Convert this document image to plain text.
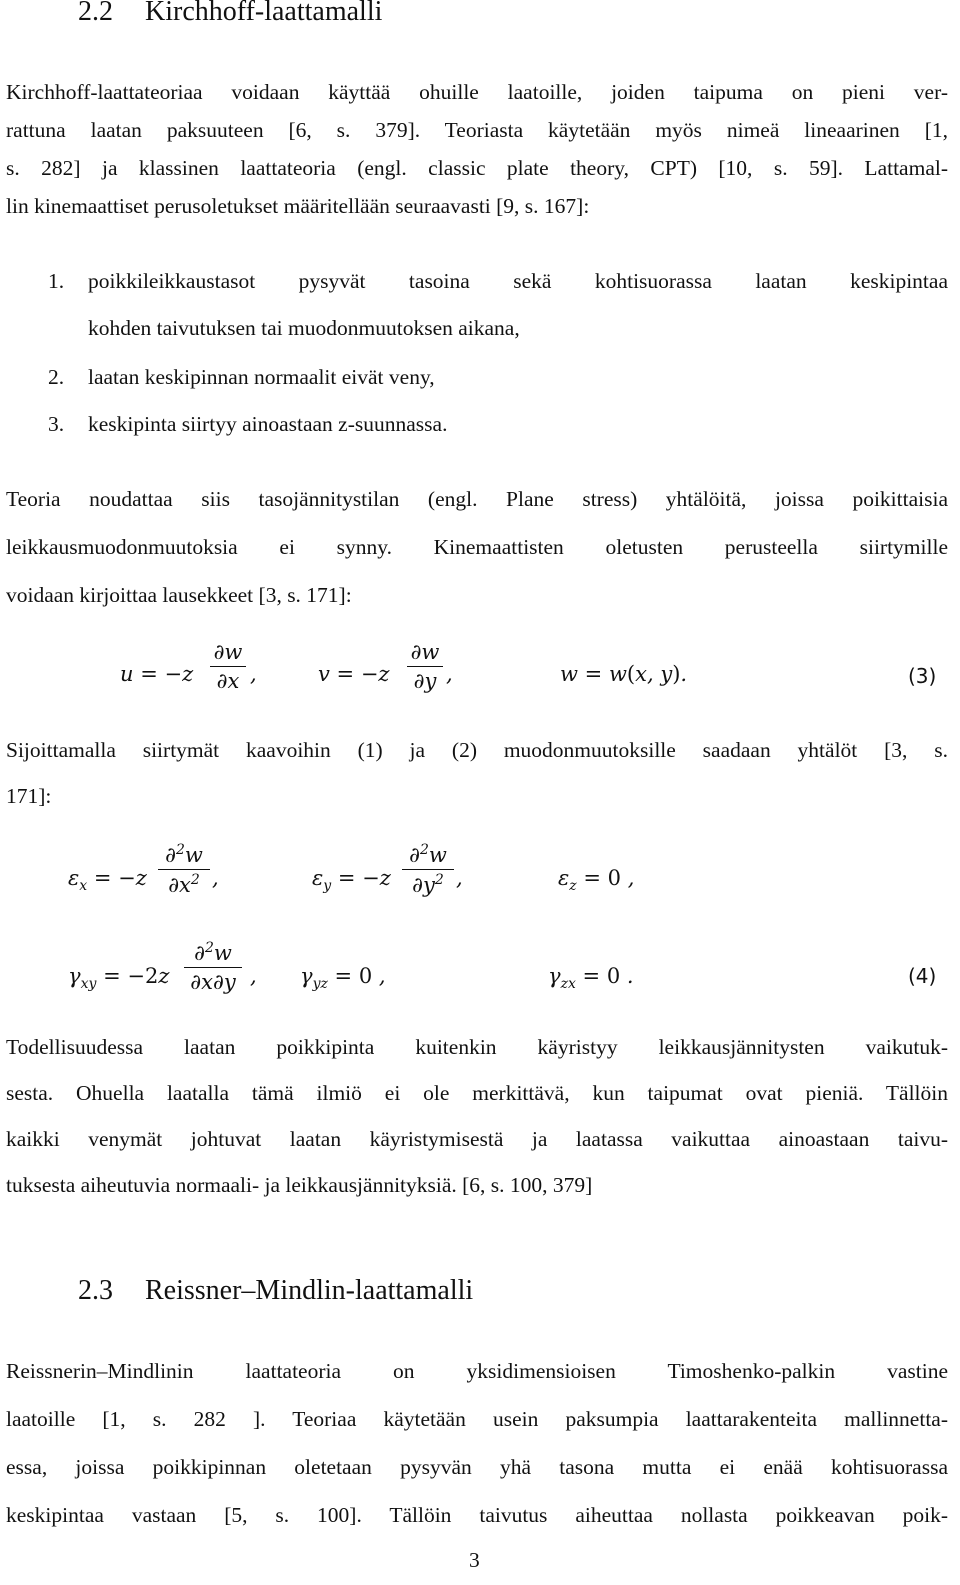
2.2 Kirchhoff-laattamalli
Kirchhoff-laattateoriaa voidaan käyttää ohuille laatoille, joiden taipuma on pieni ver-
rattuna laatan paksuuteen [6, s. 379]. Teoriasta käytetään myös nimeä lineaarinen [1,
s. 282] ja klassinen laattateoria (engl. classic plate theory, CPT) [10, s. 59]. Lattamal-
lin kinemaattiset perusoletukset määritellään seuraavasti [9, s. 167]:
1. poikkileikkaustasot pysyvät tasoina sekä kohtisuorassa laatan keskipintaa
kohden taivutuksen tai muodonmuutoksen aikana,
2. laatan keskipinnan normaalit eivät veny,
3. keskipinta siirtyy ainoastaan z-suunnassa.
Teoria noudattaa siis tasojännitystilan (engl. Plane stress) yhtälöitä, joissa poikittaisia
leikkausmuodonmuutoksia ei synny. Kinemaattisten oletusten perusteella siirtymille
voidaan kirjoittaa lausekkeet [3, s. 171]:
u = −z
∂w
∂x ,	v = −z
∂w
∂y ,	w = w(x, y).	(3)
Sijoittamalla siirtymät kaavoihin (1) ja (2) muodonmuutoksille saadaan yhtälöt [3, s.
171]:
$\varepsilon_x = -z$
∂$^2$w
$\partial x^2$ ,	$\varepsilon_y = -z$
∂$^2$w
$\partial y^2$ ,	$\varepsilon_z = 0$ ,
$\gamma_{xy} = -2z$
∂$^2$w
∂x∂y , $\gamma_{yz} = 0$ ,	$\gamma_{zx} = 0$ .	(4)
Todellisuudessa laatan poikkipinta kuitenkin käyristyy leikkausjännitysten vaikutuk-
sesta. Ohuella laatalla tämä ilmiö ei ole merkittävä, kun taipumat ovat pieniä. Tällöin
kaikki venymät johtuvat laatan käyristymisestä ja laatassa vaikuttaa ainoastaan taivu-
tuksesta aiheutuvia normaali- ja leikkausjännityksiä. [6, s. 100, 379]
2.3 Reissner–Mindlin-laattamalli
Reissnerin–Mindlinin laattateoria on yksidimensioisen Timoshenko-palkin vastine
laatoille [1, s. 282 ]. Teoriaa käytetään usein paksumpia laattarakenteita mallinnetta-
essa, joissa poikkipinnan oletetaan pysyvän yhä tasona mutta ei enää kohtisuorassa
keskipintaa vastaan [5, s. 100]. Tällöin taivutus aiheuttaa nollasta poikkeavan poik-
3
